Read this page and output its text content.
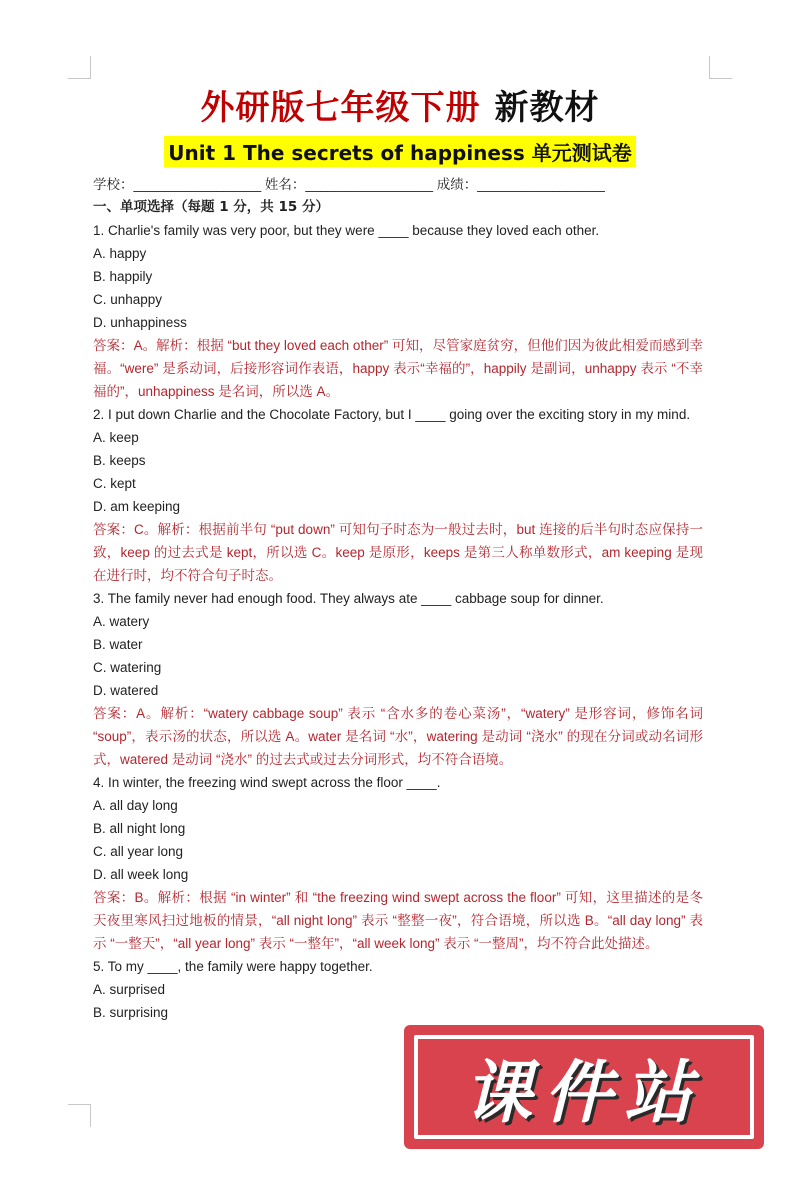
外研版七年级下册 新教材
Unit 1 The secrets of happiness 单元测试卷
学校：_________________ 姓名：_________________ 成绩：_________________
一、单项选择（每题 1 分，共 15 分）
1. Charlie's family was very poor, but they were ____ because they loved each other.
A. happy
B. happily
C. unhappy
D. unhappiness
答案：A。解析：根据 “but they loved each other” 可知，尽管家庭贫穷，但他们因为彼此相爱而感到幸福。“were” 是系动词，后接形容词作表语，happy 表示“幸福的”，happily 是副词，unhappy 表示 “不幸福的”，unhappiness 是名词，所以选 A。
2. I put down Charlie and the Chocolate Factory, but I ____ going over the exciting story in my mind.
A. keep
B. keeps
C. kept
D. am keeping
答案：C。解析：根据前半句 “put down” 可知句子时态为一般过去时，but 连接的后半句时态应保持一致，keep 的过去式是 kept，所以选 C。keep 是原形，keeps 是第三人称单数形式，am keeping 是现在进行时，均不符合句子时态。
3. The family never had enough food. They always ate ____ cabbage soup for dinner.
A. watery
B. water
C. watering
D. watered
答案：A。解析：“watery cabbage soup” 表示 “含水多的卷心菜汤”，“watery” 是形容词，修饰名词 “soup”，表示汤的状态，所以选 A。water 是名词 “水”，watering 是动词 “浇水” 的现在分词或动名词形式，watered 是动词 “浇水” 的过去式或过去分词形式，均不符合语境。
4. In winter, the freezing wind swept across the floor ____.
A. all day long
B. all night long
C. all year long
D. all week long
答案：B。解析：根据 “in winter” 和 “the freezing wind swept across the floor” 可知，这里描述的是冬天夜里寒风扫过地板的情景，“all night long” 表示 “整整一夜”，符合语境，所以选 B。“all day long” 表示 “一整天”，“all year long” 表示 “一整年”，“all week long” 表示 “一整周”，均不符合此处描述。
5. To my ____, the family were happy together.
A. surprised
B. surprising
课件站
